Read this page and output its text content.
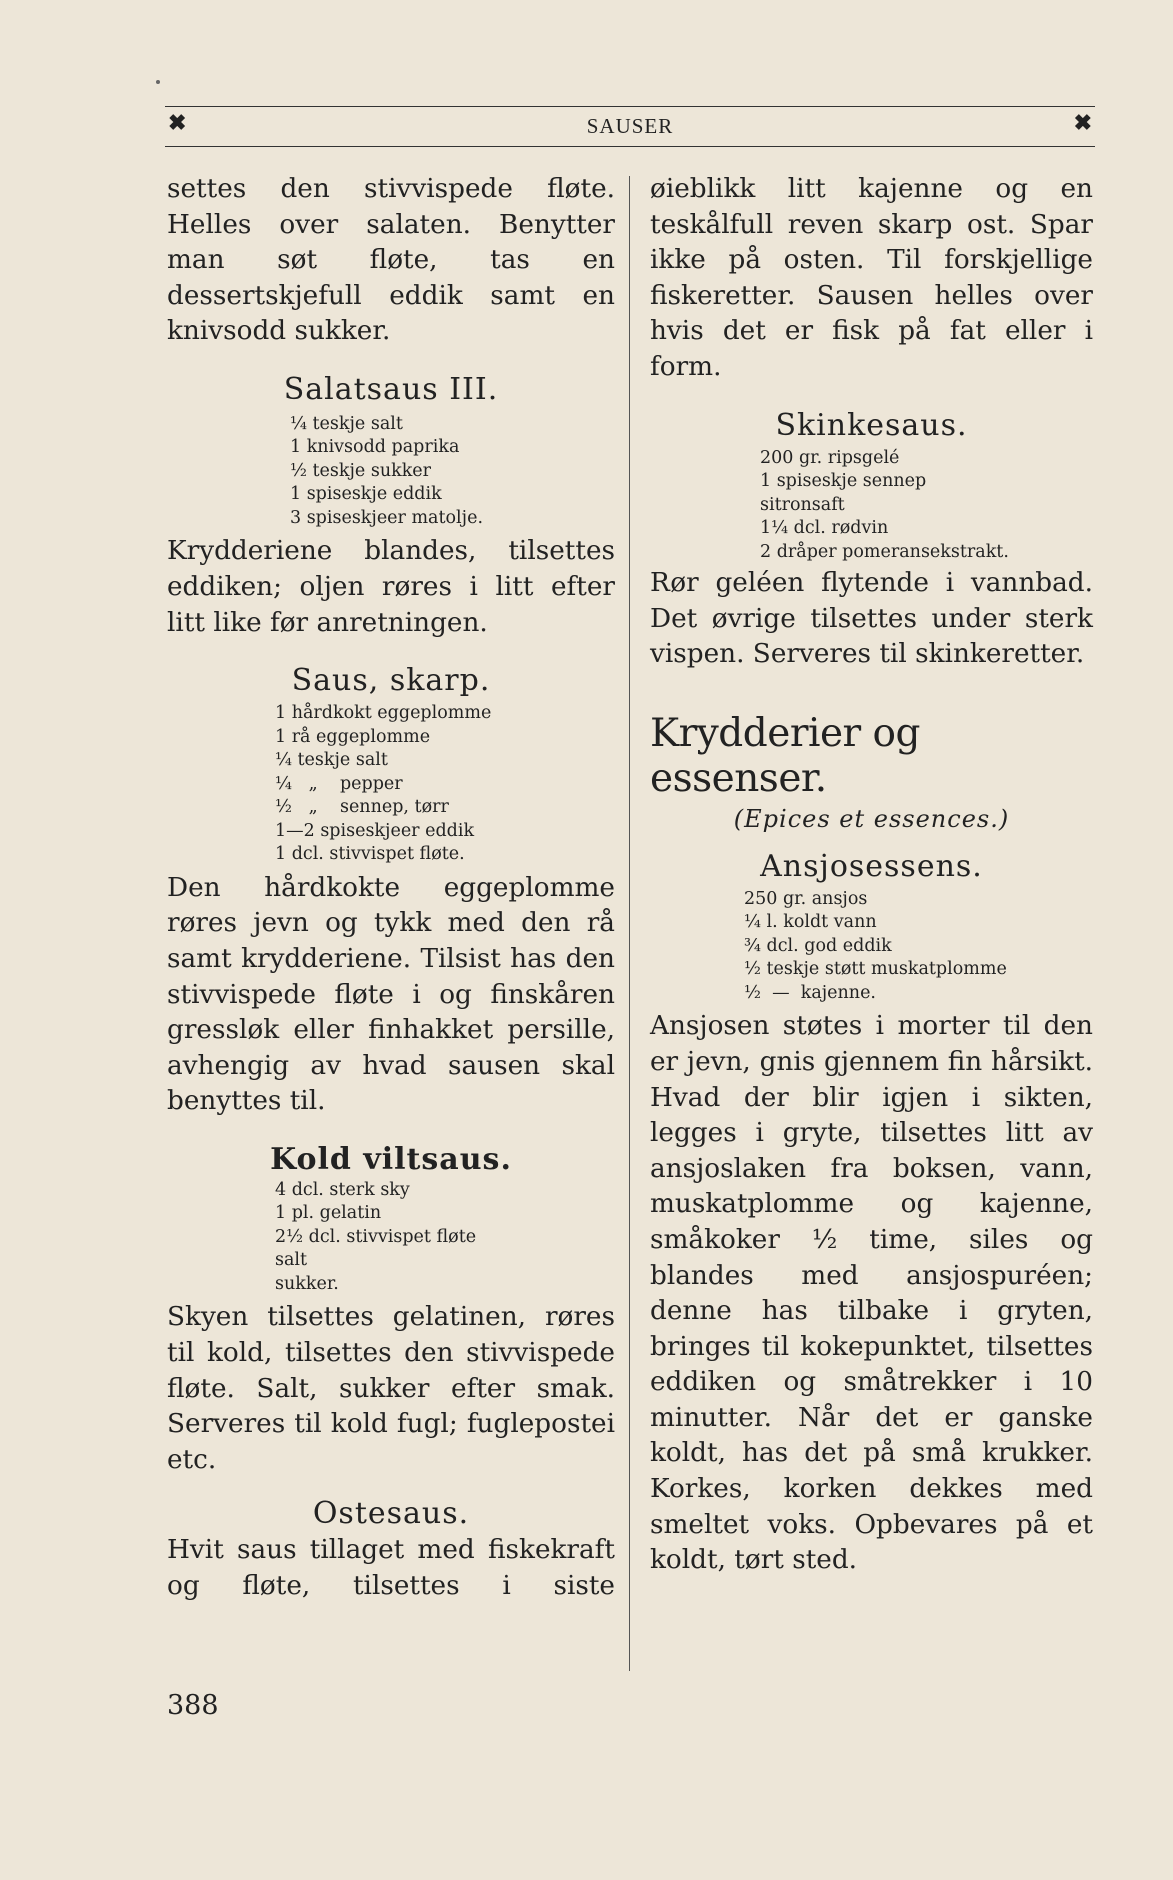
✖	SAUSER	✖

settes den stivvispede fløte. Helles over salaten. Benytter man søt fløte, tas en dessertskjefull eddik samt en knivsodd sukker.

Salatsaus III.

¼ teskje salt
1 knivsodd paprika
½ teskje sukker
1 spiseskje eddik
3 spiseskjeer matolje.

Krydderiene blandes, tilsettes eddiken; oljen røres i litt efter litt like før anretningen.

Saus, skarp.

1 hårdkokt eggeplomme
1 rå eggeplomme
¼ teskje salt
¼   „    pepper
½   „    sennep, tørr
1—2 spiseskjeer eddik
1 dcl. stivvispet fløte.

Den hårdkokte eggeplomme røres jevn og tykk med den rå samt krydderiene. Tilsist has den stivvispede fløte i og finskåren gressløk eller finhakket persille, avhengig av hvad sausen skal benyttes til.

Kold viltsaus.

4 dcl. sterk sky
1 pl. gelatin
2½ dcl. stivvispet fløte
salt
sukker.

Skyen tilsettes gelatinen, røres til kold, tilsettes den stivvispede fløte. Salt, sukker efter smak. Serveres til kold fugl; fuglepostei etc.

Ostesaus.

Hvit saus tillaget med fiskekraft og fløte, tilsettes i siste

øieblikk litt kajenne og en teskålfull reven skarp ost. Spar ikke på osten. Til forskjellige fiskeretter. Sausen helles over hvis det er fisk på fat eller i form.

Skinkesaus.

200 gr. ripsgelé
1 spiseskje sennep
sitronsaft
1¼ dcl. rødvin
2 dråper pomeransekstrakt.

Rør geléen flytende i vannbad. Det øvrige tilsettes under sterk vispen. Serveres til skinkeretter.

Krydderier og essenser.

(Epices et essences.)

Ansjosessens.

250 gr. ansjos
¼ l. koldt vann
¾ dcl. god eddik
½ teskje støtt muskatplomme
½  —  kajenne.

Ansjosen støtes i morter til den er jevn, gnis gjennem fin hårsikt. Hvad der blir igjen i sikten, legges i gryte, tilsettes litt av ansjoslaken fra boksen, vann, muskatplomme og kajenne, småkoker ½ time, siles og blandes med ansjospuréen; denne has tilbake i gryten, bringes til kokepunktet, tilsettes eddiken og småtrekker i 10 minutter. Når det er ganske koldt, has det på små krukker. Korkes, korken dekkes med smeltet voks. Opbevares på et koldt, tørt sted.

388
